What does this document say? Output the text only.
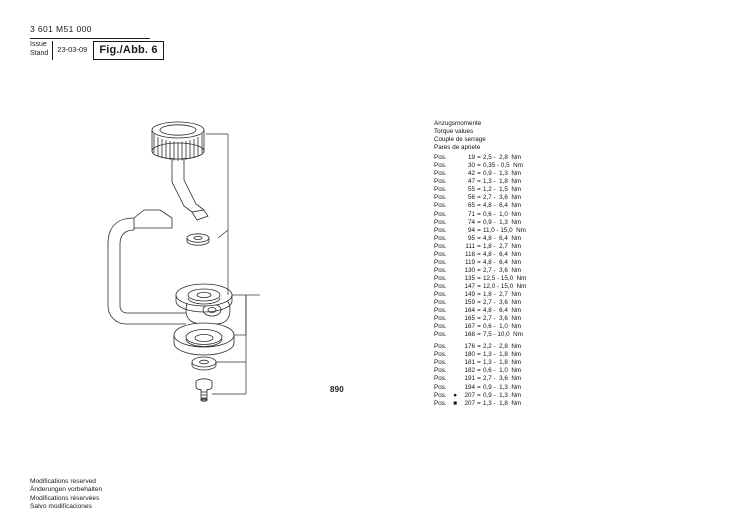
3 601 M51 000
Issue
Stand 23-03-09	Fig./Abb. 6
890
Anzugsmomente
Torque values
Couple de serrage
Pares de apriete
Pos.	19 = 2,5 -  2,8  Nm
Pos.	30 = 0,35 - 0,5  Nm
Pos.	42 = 0,9 -  1,3  Nm
Pos.	47 = 1,3 -  1,8  Nm
Pos.	55 = 1,2 -  1,5  Nm
Pos.	56 = 2,7 -  3,6  Nm
Pos.	65 = 4,8 -  6,4  Nm
Pos.	71 = 0,6 -  1,0  Nm
Pos.	74 = 0,9 -  1,3  Nm
Pos.	94 = 11,0 - 15,0  Nm
Pos.	95 = 4,8 -  6,4  Nm
Pos.	111 = 1,8 -  2,7  Nm
Pos.	118 = 4,8 -  6,4  Nm
Pos.	119 = 4,8 -  6,4  Nm
Pos.	130 = 2,7 -  3,6  Nm
Pos.	135 = 12,5 - 15,0  Nm
Pos.	147 = 12,0 - 15,0  Nm
Pos.	149 = 1,8 -  2,7  Nm
Pos.	159 = 2,7 -  3,6  Nm
Pos.	164 = 4,8 -  6,4  Nm
Pos.	165 = 2,7 -  3,6  Nm
Pos.	167 = 0,6 -  1,0  Nm
Pos.	168 = 7,5 - 10,0  Nm
Pos.	176 = 2,2 -  2,8  Nm
Pos.	180 = 1,3 -  1,8  Nm
Pos.	181 = 1,3 -  1,8  Nm
Pos.	182 = 0,6 -  1,0  Nm
Pos.	191 = 2,7 -  3,6  Nm
Pos.	194 = 0,9 -  1,3  Nm
Pos.	●	207 = 0,9 -  1,3  Nm
Pos.	■	207 = 1,3 -  1,8  Nm
Modifications reserved
Änderungen vorbehalten
Modifications réservées
Salvo modificaciones
